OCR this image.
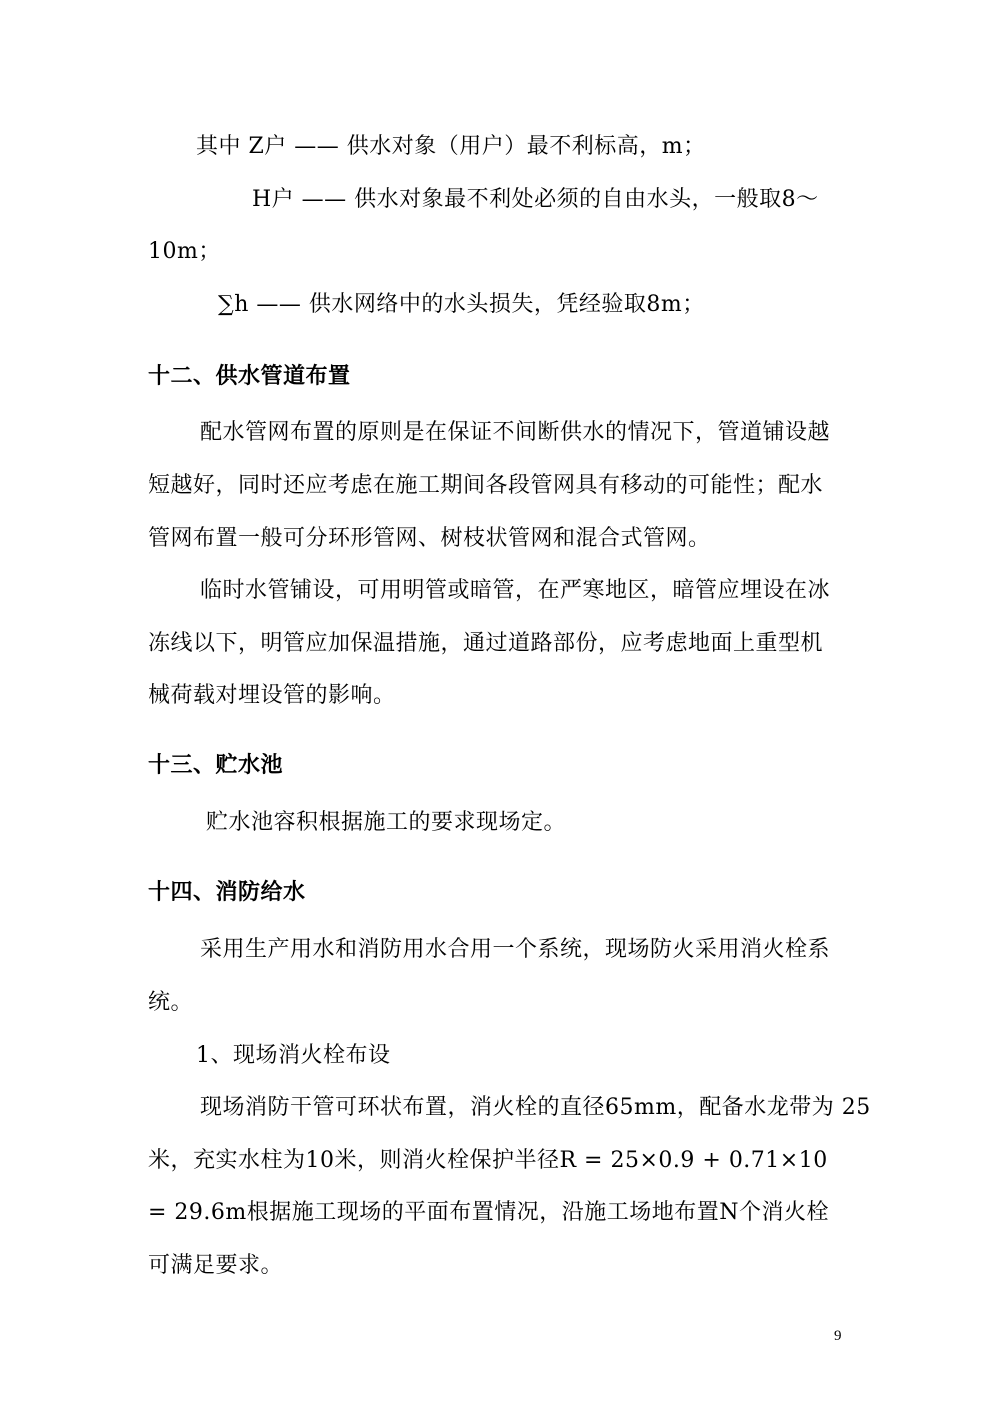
其中 Z户 —— 供水对象（用户）最不利标高，m；
H户 —— 供水对象最不利处必须的自由水头，一般取8～
10m；
∑h —— 供水网络中的水头损失，凭经验取8m；
十二、供水管道布置
配水管网布置的原则是在保证不间断供水的情况下，管道铺设越
短越好，同时还应考虑在施工期间各段管网具有移动的可能性；配水
管网布置一般可分环形管网、树枝状管网和混合式管网。
临时水管铺设，可用明管或暗管，在严寒地区，暗管应埋设在冰
冻线以下，明管应加保温措施，通过道路部份，应考虑地面上重型机
械荷载对埋设管的影响。
十三、贮水池
贮水池容积根据施工的要求现场定。
十四、消防给水
采用生产用水和消防用水合用一个系统，现场防火采用消火栓系
统。
1、现场消火栓布设
现场消防干管可环状布置，消火栓的直径65mm，配备水龙带为 25
米，充实水柱为10米，则消火栓保护半径R = 25×0.9 + 0.71×10
= 29.6m根据施工现场的平面布置情况，沿施工场地布置N个消火栓
可满足要求。
9
